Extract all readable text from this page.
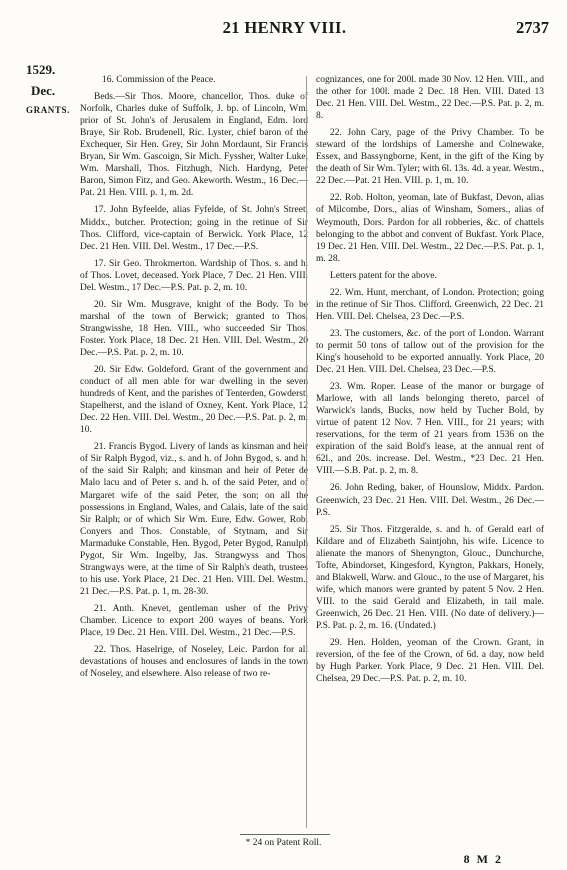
21 HENRY VIII.	2737
1529.
Dec.
GRANTS.

16. Commission of the Peace.

Beds.—Sir Thos. Moore, chancellor, Thos. duke of Norfolk, Charles duke of Suffolk, J. bp. of Lincoln, Wm. prior of St. John's of Jerusalem in England, Edm. lord Braye, Sir Rob. Brudenell, Ric. Lyster, chief baron of the Exchequer, Sir Hen. Grey, Sir John Mordaunt, Sir Francis Bryan, Sir Wm. Gascoign, Sir Mich. Fyssher, Walter Luke, Wm. Marshall, Thos. Fitzhugh, Nich. Hardyng, Peter Baron, Simon Fitz, and Geo. Akeworth. Westm., 16 Dec.—Pat. 21 Hen. VIII. p. 1, m. 2d.

17. John Byfeelde, alias Fyfelde, of St. John's Street, Middx., butcher. Protection; going in the retinue of Sir Thos. Clifford, vice-captain of Berwick. York Place, 12 Dec. 21 Hen. VIII. Del. Westm., 17 Dec.—P.S.

17. Sir Geo. Throkmerton. Wardship of Thos. s. and h. of Thos. Lovet, deceased. York Place, 7 Dec. 21 Hen. VIII. Del. Westm., 17 Dec.—P.S. Pat. p. 2, m. 10.

20. Sir Wm. Musgrave, knight of the Body. To be marshal of the town of Berwick; granted to Thos. Strangwisshe, 18 Hen. VIII., who succeeded Sir Thos. Foster. York Place, 18 Dec. 21 Hen. VIII. Del. Westm., 20 Dec.—P.S. Pat. p. 2, m. 10.

20. Sir Edw. Goldeford. Grant of the government and conduct of all men able for war dwelling in the seven hundreds of Kent, and the parishes of Tenterden, Gowderst, Stapelherst, and the island of Oxney, Kent. York Place, 12 Dec. 22 Hen. VIII. Del. Westm., 20 Dec.—P.S. Pat. p. 2, m. 10.

21. Francis Bygod. Livery of lands as kinsman and heir of Sir Ralph Bygod, viz., s. and h. of John Bygod, s. and h. of the said Sir Ralph; and kinsman and heir of Peter de Malo lacu and of Peter s. and h. of the said Peter, and of Margaret wife of the said Peter, the son; on all the possessions in England, Wales, and Calais, late of the said Sir Ralph; or of which Sir Wm. Eure, Edw. Gower, Rob. Conyers and Thos. Constable, of Stytnam, and Sir Marmaduke Constable, Hen. Bygod, Peter Bygod, Ranulph Pygot, Sir Wm. Ingelby, Jas. Strangwyss and Thos. Strangways were, at the time of Sir Ralph's death, trustees to his use. York Place, 21 Dec. 21 Hen. VIII. Del. Westm., 21 Dec.—P.S. Pat. p. 1, m. 28-30.

21. Anth. Knevet, gentleman usher of the Privy Chamber. Licence to export 200 wayes of beans. York Place, 19 Dec. 21 Hen. VIII. Del. Westm., 21 Dec.—P.S.

22. Thos. Haselrige, of Noseley, Leic. Pardon for all devastations of houses and enclosures of lands in the town of Noseley, and elsewhere. Also release of two re-

cognizances, one for 200l. made 30 Nov. 12 Hen. VIII., and the other for 100l. made 2 Dec. 18 Hen. VIII. Dated 13 Dec. 21 Hen. VIII. Del. Westm., 22 Dec.—P.S. Pat. p. 2, m. 8.

22. John Cary, page of the Privy Chamber. To be steward of the lordships of Lamershe and Colnewake, Essex, and Bassyngborne, Kent, in the gift of the King by the death of Sir Wm. Tyler; with 6l. 13s. 4d. a year. Westm., 22 Dec.—Pat. 21 Hen. VIII. p. 1, m. 10.

22. Rob. Holton, yeoman, late of Bukfast, Devon, alias of Milcombe, Dors., alias of Winsham, Somers., alias of Weymouth, Dors. Pardon for all robberies, &c. of chattels belonging to the abbot and convent of Bukfast. York Place, 19 Dec. 21 Hen. VIII. Del. Westm., 22 Dec.—P.S. Pat. p. 1, m. 28.

Letters patent for the above.

22. Wm. Hunt, merchant, of London. Protection; going in the retinue of Sir Thos. Clifford. Greenwich, 22 Dec. 21 Hen. VIII. Del. Chelsea, 23 Dec.—P.S.

23. The customers, &c. of the port of London. Warrant to permit 50 tons of tallow out of the provision for the King's household to be exported annually. York Place, 20 Dec. 21 Hen. VIII. Del. Chelsea, 23 Dec.—P.S.

23. Wm. Roper. Lease of the manor or burgage of Marlowe, with all lands belonging thereto, parcel of Warwick's lands, Bucks, now held by Tucher Bold, by virtue of patent 12 Nov. 7 Hen. VIII., for 21 years; with reservations, for the term of 21 years from 1536 on the expiration of the said Bold's lease, at the annual rent of 62l., and 20s. increase. Del. Westm., *23 Dec. 21 Hen. VIII.—S.B. Pat. p. 2, m. 8.

26. John Reding, baker, of Hounslow, Middx. Pardon. Greenwich, 23 Dec. 21 Hen. VIII. Del. Westm., 26 Dec.—P.S.

25. Sir Thos. Fitzgeralde, s. and h. of Gerald earl of Kildare and of Elizabeth Saintjohn, his wife. Licence to alienate the manors of Shenyngton, Glouc., Dunchurche, Tofte, Abindorset, Kingesford, Kyngton, Pakkars, Honely, and Blakwell, Warw. and Glouc., to the use of Margaret, his wife, which manors were granted by patent 5 Nov. 2 Hen. VIII. to the said Gerald and Elizabeth, in tail male. Greenwich, 26 Dec. 21 Hen. VIII. (No date of delivery.)—P.S. Pat. p. 2, m. 16. (Undated.)

29. Hen. Holden, yeoman of the Crown. Grant, in reversion, of the fee of the Crown, of 6d. a day, now held by Hugh Parker. York Place, 9 Dec. 21 Hen. VIII. Del. Chelsea, 29 Dec.—P.S. Pat. p. 2, m. 10.

* 24 on Patent Roll.
8 M 2
